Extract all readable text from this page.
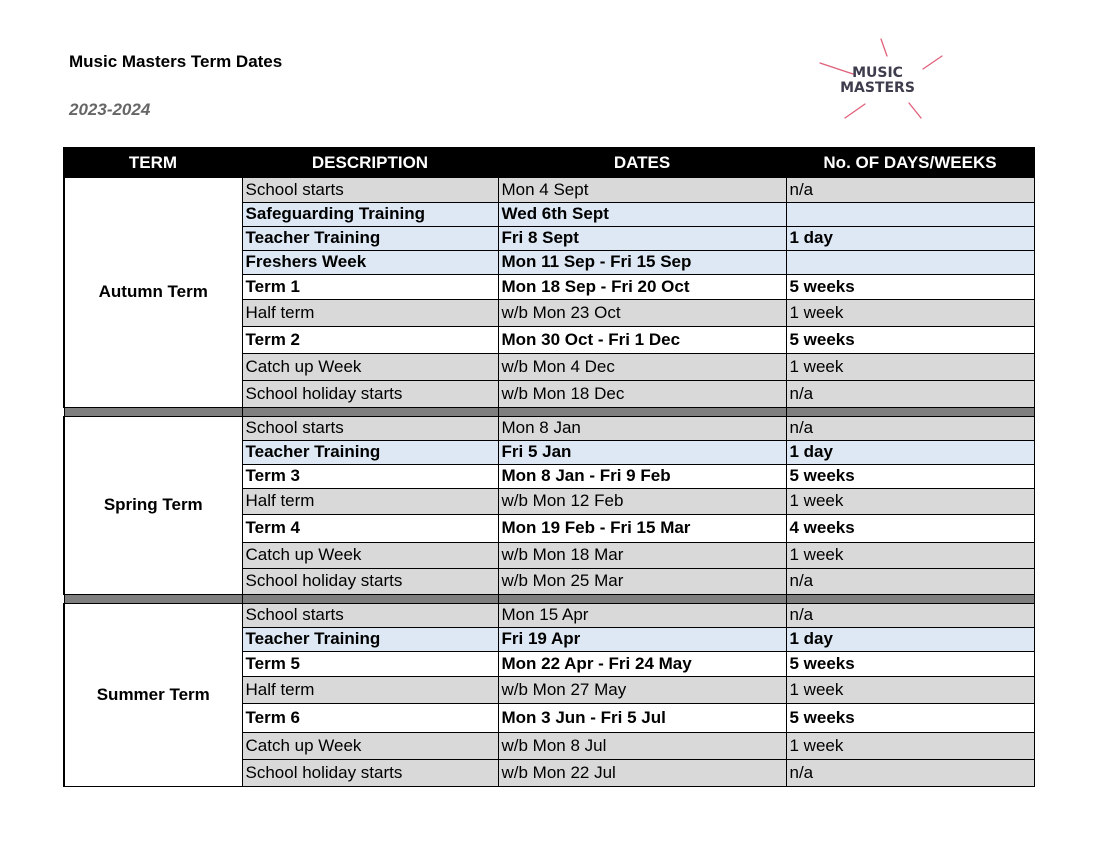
Music Masters Term Dates
2023-2024
MUSIC
MASTERS
TERM	DESCRIPTION	DATES	No. OF DAYS/WEEKS
Autumn Term	School starts	Mon 4 Sept	n/a
	Safeguarding Training	Wed 6th Sept	
	Teacher Training	Fri 8 Sept	1 day
	Freshers Week	Mon 11 Sep - Fri 15 Sep	
	Term 1	Mon 18 Sep - Fri 20 Oct	5 weeks
	Half term	w/b Mon 23 Oct	1 week
	Term 2	Mon 30 Oct - Fri 1 Dec	5 weeks
	Catch up Week	w/b Mon 4 Dec	1 week
	School holiday starts	w/b Mon 18 Dec	n/a

Spring Term	School starts	Mon 8 Jan	n/a
	Teacher Training	Fri 5 Jan	1 day
	Term 3	Mon 8 Jan - Fri 9 Feb	5 weeks
	Half term	w/b Mon 12 Feb	1 week
	Term 4	Mon 19 Feb - Fri 15 Mar	4 weeks
	Catch up Week	w/b Mon 18 Mar	1 week
	School holiday starts	w/b Mon 25 Mar	n/a

Summer Term	School starts	Mon 15 Apr	n/a
	Teacher Training	Fri 19 Apr	1 day
	Term 5	Mon 22 Apr - Fri 24 May	5 weeks
	Half term	w/b Mon 27 May	1 week
	Term 6	Mon 3 Jun - Fri 5 Jul	5 weeks
	Catch up Week	w/b Mon 8 Jul	1 week
	School holiday starts	w/b Mon 22 Jul	n/a
